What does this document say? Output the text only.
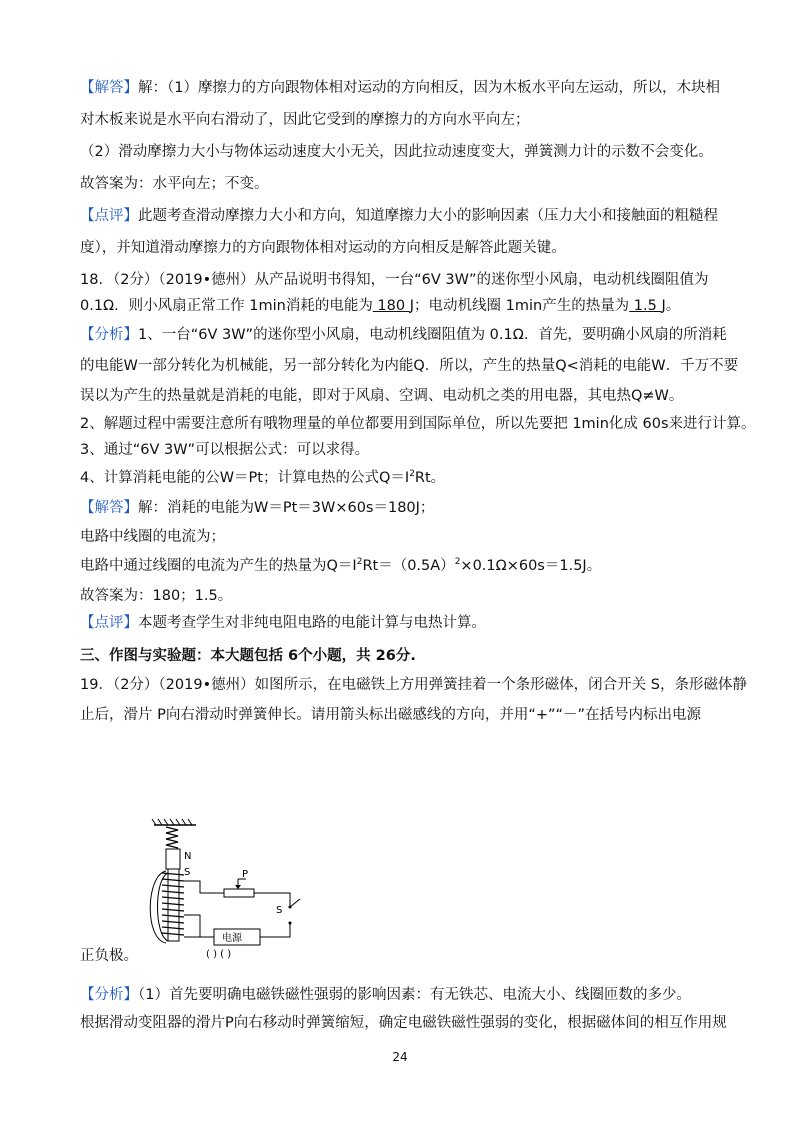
【解答】解：（1）摩擦力的方向跟物体相对运动的方向相反，因为木板水平向左运动，所以，木块相
对木板来说是水平向右滑动了，因此它受到的摩擦力的方向水平向左；
（2）滑动摩擦力大小与物体运动速度大小无关，因此拉动速度变大，弹簧测力计的示数不会变化。
故答案为：水平向左；不变。
【点评】此题考查滑动摩擦力大小和方向，知道摩擦力大小的影响因素（压力大小和接触面的粗糙程
度），并知道滑动摩擦力的方向跟物体相对运动的方向相反是解答此题关键。
18．（2分）（2019•德州）从产品说明书得知，一台“6V 3W”的迷你型小风扇，电动机线圈阻值为
0.1Ω．则小风扇正常工作 1min消耗的电能为 180 J；电动机线圈 1min产生的热量为 1.5 J。
【分析】1、一台“6V 3W”的迷你型小风扇，电动机线圈阻值为 0.1Ω．首先，要明确小风扇的所消耗
的电能W一部分转化为机械能，另一部分转化为内能Q．所以，产生的热量Q<消耗的电能W．千万不要
误以为产生的热量就是消耗的电能，即对于风扇、空调、电动机之类的用电器，其电热Q≠W。
2、解题过程中需要注意所有哦物理量的单位都要用到国际单位，所以先要把 1min化成 60s来进行计算。
3、通过“6V 3W”可以根据公式：可以求得。
4、计算消耗电能的公W＝Pt；计算电热的公式$Q=I^2Rt$。
【解答】解：消耗的电能为W＝Pt＝3W×60s＝180J；
电路中线圈的电流为；
电路中通过线圈的电流为产生的热量为$Q=I^2Rt=(0.5A)^2\times 0.1\Omega\times 60s=1.5J$。
故答案为：180；1.5。
【点评】本题考查学生对非纯电阻电路的电能计算与电热计算。
三、作图与实验题：本大题包括 6个小题，共 26分.
19．（2分）（2019•德州）如图所示，在电磁铁上方用弹簧挂着一个条形磁体，闭合开关 S，条形磁体静
止后，滑片 P向右滑动时弹簧伸长。请用箭头标出磁感线的方向，并用“+”“－”在括号内标出电源
N
S	P
S
电源
( ) ( )
正负极。
【分析】（1）首先要明确电磁铁磁性强弱的影响因素：有无铁芯、电流大小、线圈匝数的多少。
根据滑动变阻器的滑片P向右移动时弹簧缩短，确定电磁铁磁性强弱的变化，根据磁体间的相互作用规
24
